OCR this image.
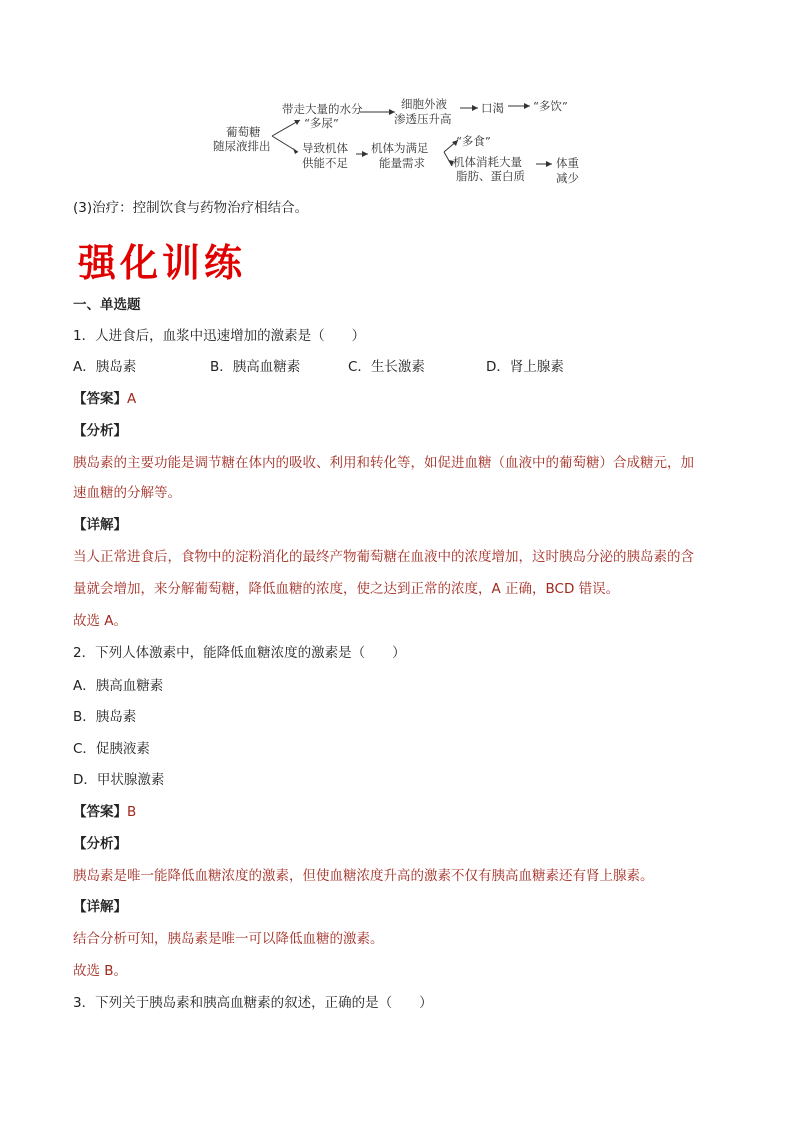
葡萄糖
随尿液排出
带走大量的水分
“多尿”
细胞外液
渗透压升高
口渴	“多饮”
导致机体
供能不足
机体为满足
能量需求
“多食”
机体消耗大量
脂肪、蛋白质
体重
减少
(3)治疗：控制饮食与药物治疗相结合。
强化训练
一、单选题
1．人进食后，血浆中迅速增加的激素是（　　）
A．胰岛素	B．胰高血糖素	C．生长激素	D．肾上腺素
【答案】A
【分析】
胰岛素的主要功能是调节糖在体内的吸收、利用和转化等，如促进血糖（血液中的葡萄糖）合成糖元，加
速血糖的分解等。
【详解】
当人正常进食后，食物中的淀粉消化的最终产物葡萄糖在血液中的浓度增加，这时胰岛分泌的胰岛素的含
量就会增加，来分解葡萄糖，降低血糖的浓度，使之达到正常的浓度，A 正确，BCD 错误。
故选 A。
2．下列人体激素中，能降低血糖浓度的激素是（　　）
A．胰高血糖素
B．胰岛素
C．促胰液素
D．甲状腺激素
【答案】B
【分析】
胰岛素是唯一能降低血糖浓度的激素，但使血糖浓度升高的激素不仅有胰高血糖素还有肾上腺素。
【详解】
结合分析可知，胰岛素是唯一可以降低血糖的激素。
故选 B。
3．下列关于胰岛素和胰高血糖素的叙述，正确的是（　　）
